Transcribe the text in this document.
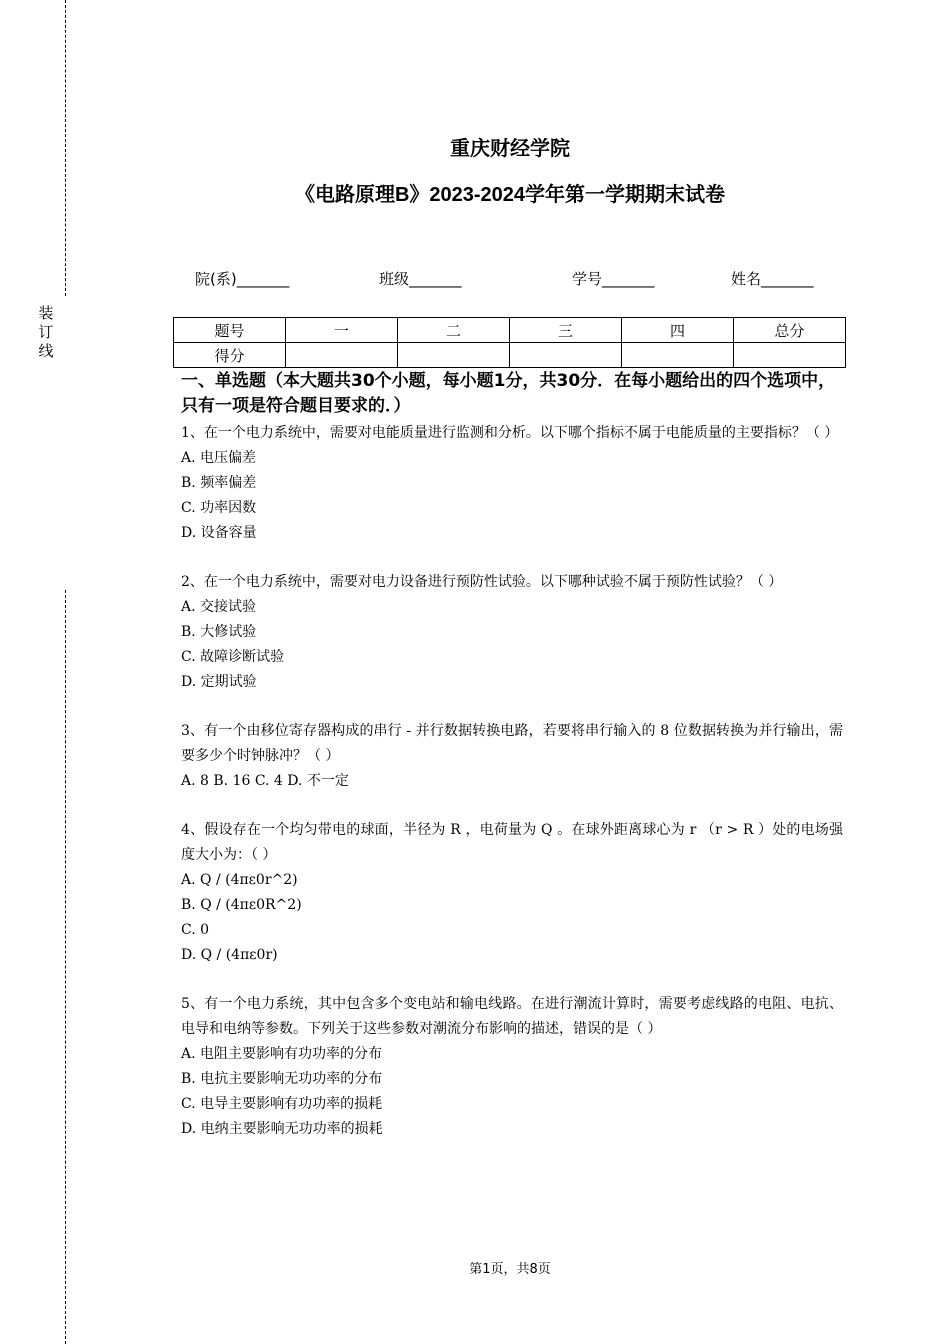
装
订
线
重庆财经学院
《电路原理B》2023-2024学年第一学期期末试卷
院(系)_______	班级_______	学号_______	姓名_______
题号	一	二	三	四	总分
得分					
一、单选题（本大题共30个小题，每小题1分，共30分．在每小题给出的四个选项中，只有一项是符合题目要求的．）
1、在一个电力系统中，需要对电能质量进行监测和分析。以下哪个指标不属于电能质量的主要指标？（ ）
A. 电压偏差
B. 频率偏差
C. 功率因数
D. 设备容量
2、在一个电力系统中，需要对电力设备进行预防性试验。以下哪种试验不属于预防性试验？（ ）
A. 交接试验
B. 大修试验
C. 故障诊断试验
D. 定期试验
3、有一个由移位寄存器构成的串行 - 并行数据转换电路，若要将串行输入的 8 位数据转换为并行输出，需要多少个时钟脉冲？（ ）
A. 8 B. 16 C. 4 D. 不一定
4、假设存在一个均匀带电的球面，半径为 R ，电荷量为 Q 。在球外距离球心为 r （r > R ）处的电场强度大小为：（ ）
A. Q / (4πε0r^2)
B. Q / (4πε0R^2)
C. 0
D. Q / (4πε0r)
5、有一个电力系统，其中包含多个变电站和输电线路。在进行潮流计算时，需要考虑线路的电阻、电抗、电导和电纳等参数。下列关于这些参数对潮流分布影响的描述，错误的是（ ）
A. 电阻主要影响有功功率的分布
B. 电抗主要影响无功功率的分布
C. 电导主要影响有功功率的损耗
D. 电纳主要影响无功功率的损耗
第1页，共8页
